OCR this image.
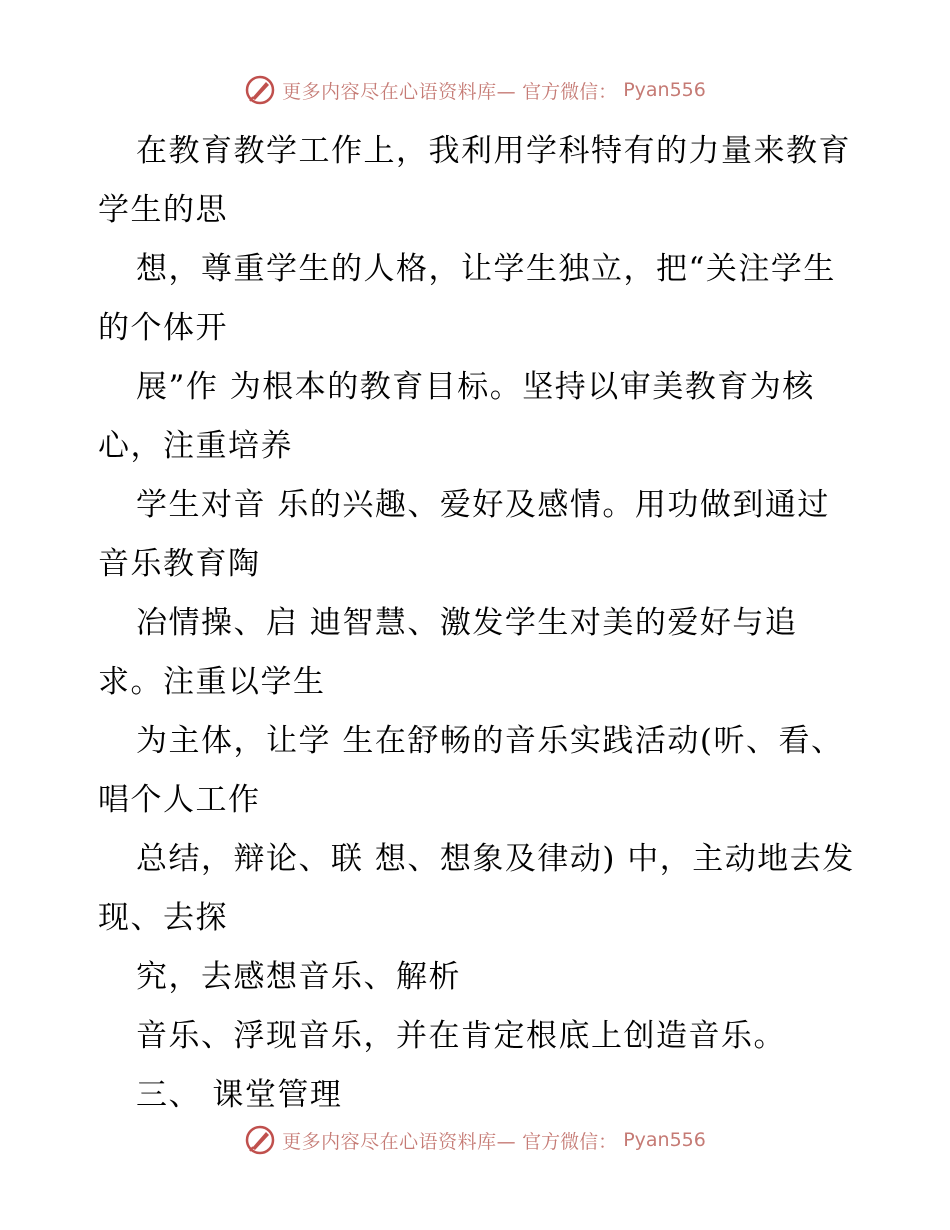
更多内容尽在心语资料库— 官方微信： Pyan556

在教育教学工作上，我利用学科特有的力量来教育学生的思

想，尊重学生的人格，让学生独立，把“关注学生的个体开

展”作 为根本的教育目标。坚持以审美教育为核心，注重培养

学生对音 乐的兴趣、爱好及感情。用功做到通过音乐教育陶

冶情操、启 迪智慧、激发学生对美的爱好与追求。注重以学生

为主体，让学 生在舒畅的音乐实践活动(听、看、唱个人工作

总结，辩论、联 想、想象及律动) 中，主动地去发现、去探

究，去感想音乐、解析

音乐、浮现音乐，并在肯定根底上创造音乐。

三、 课堂管理

更多内容尽在心语资料库— 官方微信： Pyan556
